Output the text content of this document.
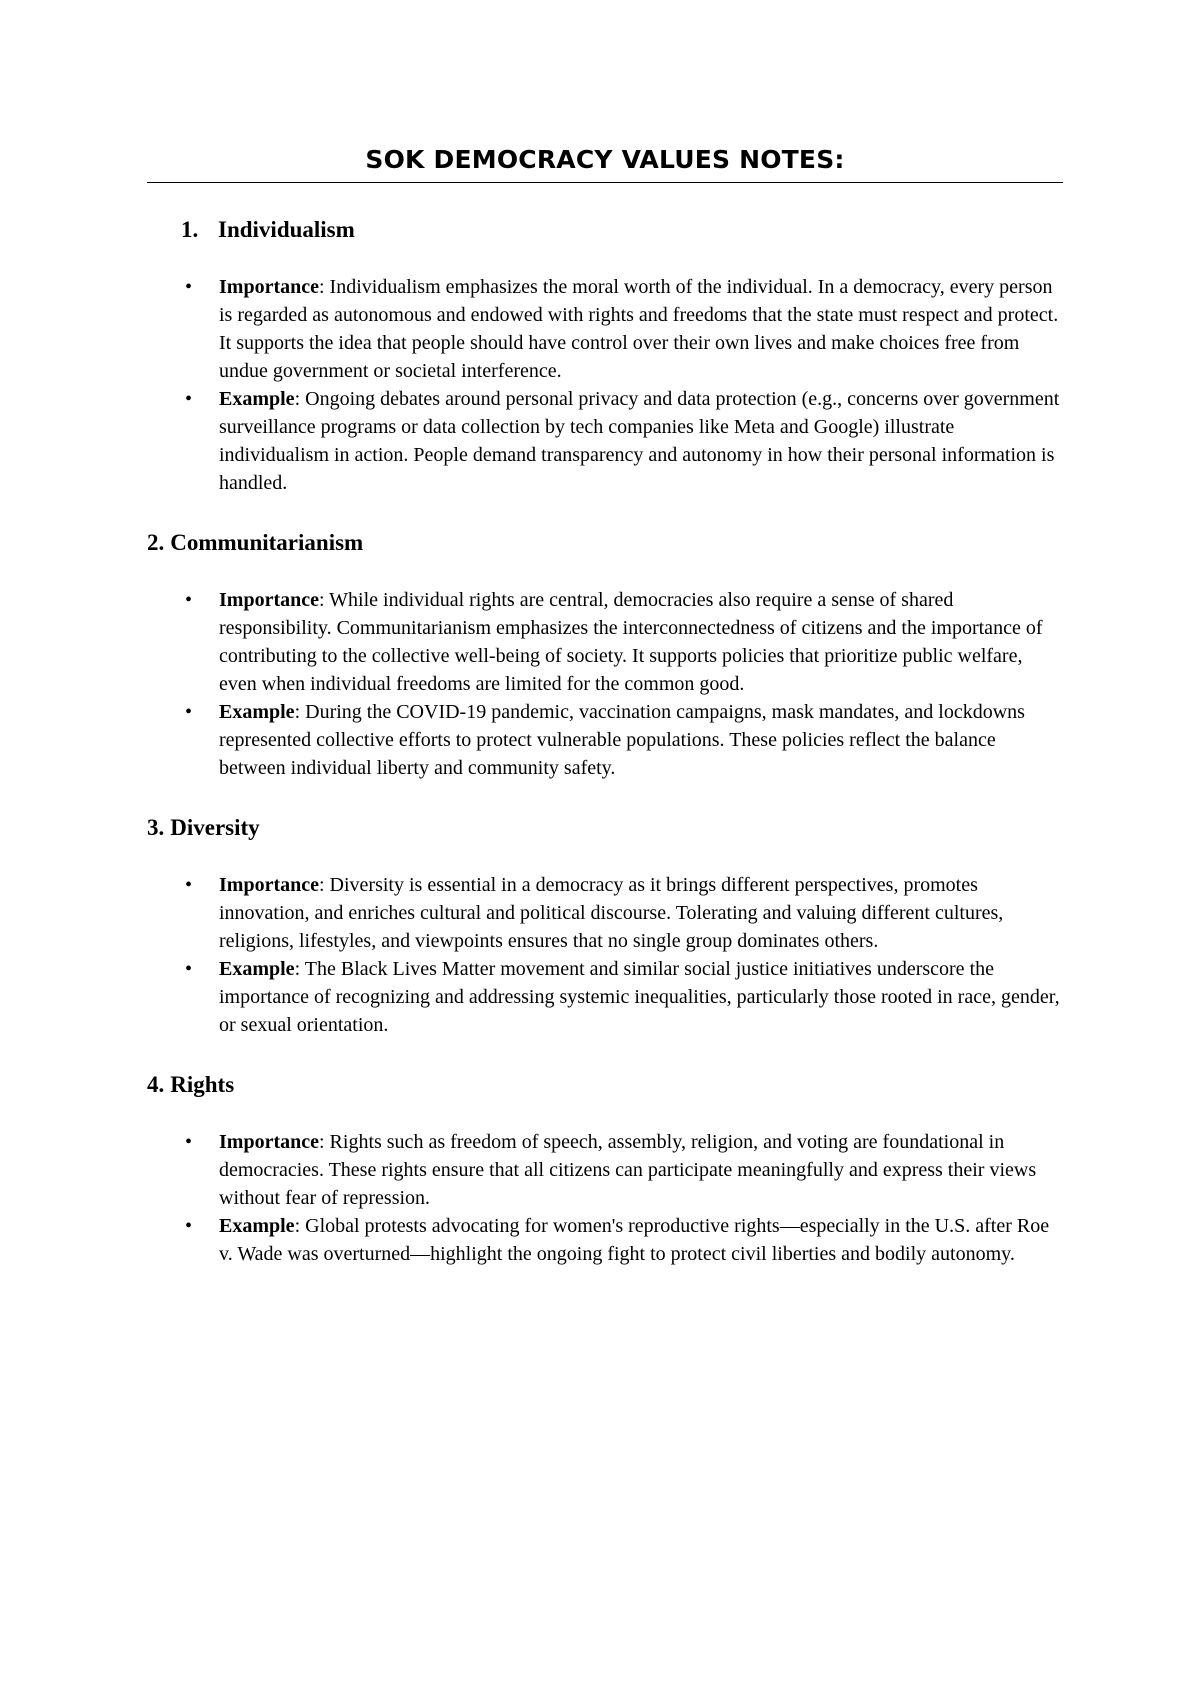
SOK DEMOCRACY VALUES NOTES:
1. Individualism
• Importance: Individualism emphasizes the moral worth of the individual. In a democracy, every person is regarded as autonomous and endowed with rights and freedoms that the state must respect and protect. It supports the idea that people should have control over their own lives and make choices free from undue government or societal interference.
• Example: Ongoing debates around personal privacy and data protection (e.g., concerns over government surveillance programs or data collection by tech companies like Meta and Google) illustrate individualism in action. People demand transparency and autonomy in how their personal information is handled.
2. Communitarianism
• Importance: While individual rights are central, democracies also require a sense of shared responsibility. Communitarianism emphasizes the interconnectedness of citizens and the importance of contributing to the collective well-being of society. It supports policies that prioritize public welfare, even when individual freedoms are limited for the common good.
• Example: During the COVID-19 pandemic, vaccination campaigns, mask mandates, and lockdowns represented collective efforts to protect vulnerable populations. These policies reflect the balance between individual liberty and community safety.
3. Diversity
• Importance: Diversity is essential in a democracy as it brings different perspectives, promotes innovation, and enriches cultural and political discourse. Tolerating and valuing different cultures, religions, lifestyles, and viewpoints ensures that no single group dominates others.
• Example: The Black Lives Matter movement and similar social justice initiatives underscore the importance of recognizing and addressing systemic inequalities, particularly those rooted in race, gender, or sexual orientation.
4. Rights
• Importance: Rights such as freedom of speech, assembly, religion, and voting are foundational in democracies. These rights ensure that all citizens can participate meaningfully and express their views without fear of repression.
• Example: Global protests advocating for women's reproductive rights—especially in the U.S. after Roe v. Wade was overturned—highlight the ongoing fight to protect civil liberties and bodily autonomy.
